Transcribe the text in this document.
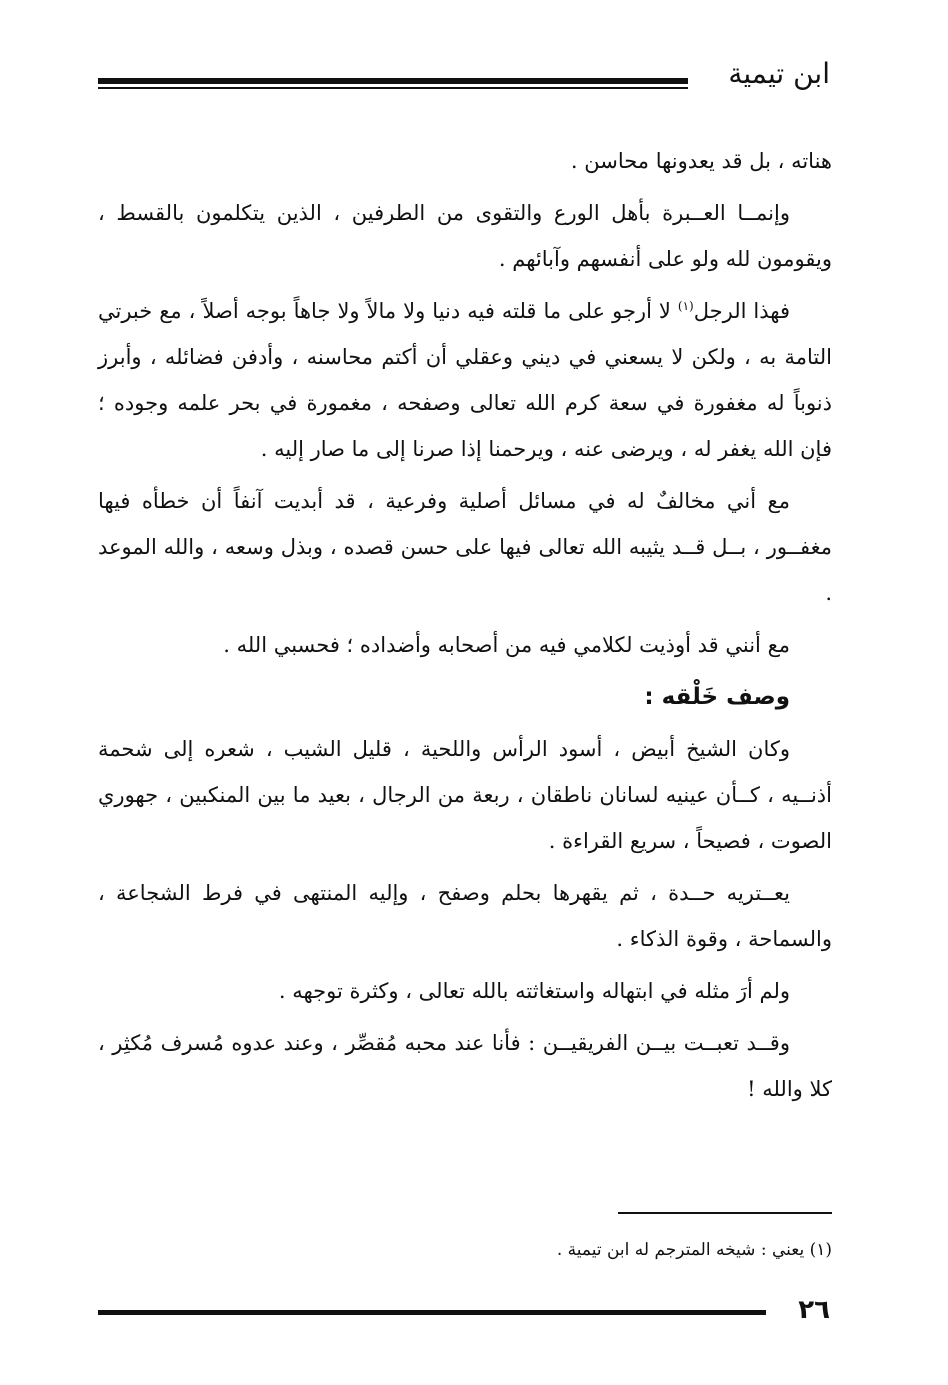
ابن تيمية

هناته ، بل قد يعدونها محاسن .

وإنمــا العــبرة بأهل الورع والتقوى من الطرفين ، الذين يتكلمون بالقسط ، ويقومون لله ولو على أنفسهم وآبائهم .

فهذا الرجل$^{(١)}$ لا أرجو على ما قلته فيه دنيا ولا مالاً ولا جاهاً بوجه أصلاً ، مع خبرتي التامة به ، ولكن لا يسعني في ديني وعقلي أن أكتم محاسنه ، وأدفن فضائله ، وأبرز ذنوباً له مغفورة في سعة كرم الله تعالى وصفحه ، مغمورة في بحر علمه وجوده ؛ فإن الله يغفر له ، ويرضى عنه ، ويرحمنا إذا صرنا إلى ما صار إليه .

مع أني مخالفٌ له في مسائل أصلية وفرعية ، قد أبديت آنفاً أن خطأه فيها مغفــور ، بــل قــد يثيبه الله تعالى فيها على حسن قصده ، وبذل وسعه ، والله الموعد .

مع أنني قد أوذيت لكلامي فيه من أصحابه وأضداده ؛ فحسبي الله .

وصف خَلْقه :

وكان الشيخ أبيض ، أسود الرأس واللحية ، قليل الشيب ، شعره إلى شحمة أذنــيه ، كــأن عينيه لسانان ناطقان ، ربعة من الرجال ، بعيد ما بين المنكبين ، جهوري الصوت ، فصيحاً ، سريع القراءة .

يعــتريه حــدة ، ثم يقهرها بحلم وصفح ، وإليه المنتهى في فرط الشجاعة ، والسماحة ، وقوة الذكاء .

ولم أرَ مثله في ابتهاله واستغاثته بالله تعالى ، وكثرة توجهه .

وقــد تعبــت بيــن الفريقيــن : فأنا عند محبه مُقصِّر ، وعند عدوه مُسرف مُكثِر ، كلا والله !

(١) يعني : شيخه المترجم له ابن تيمية .
٢٦
